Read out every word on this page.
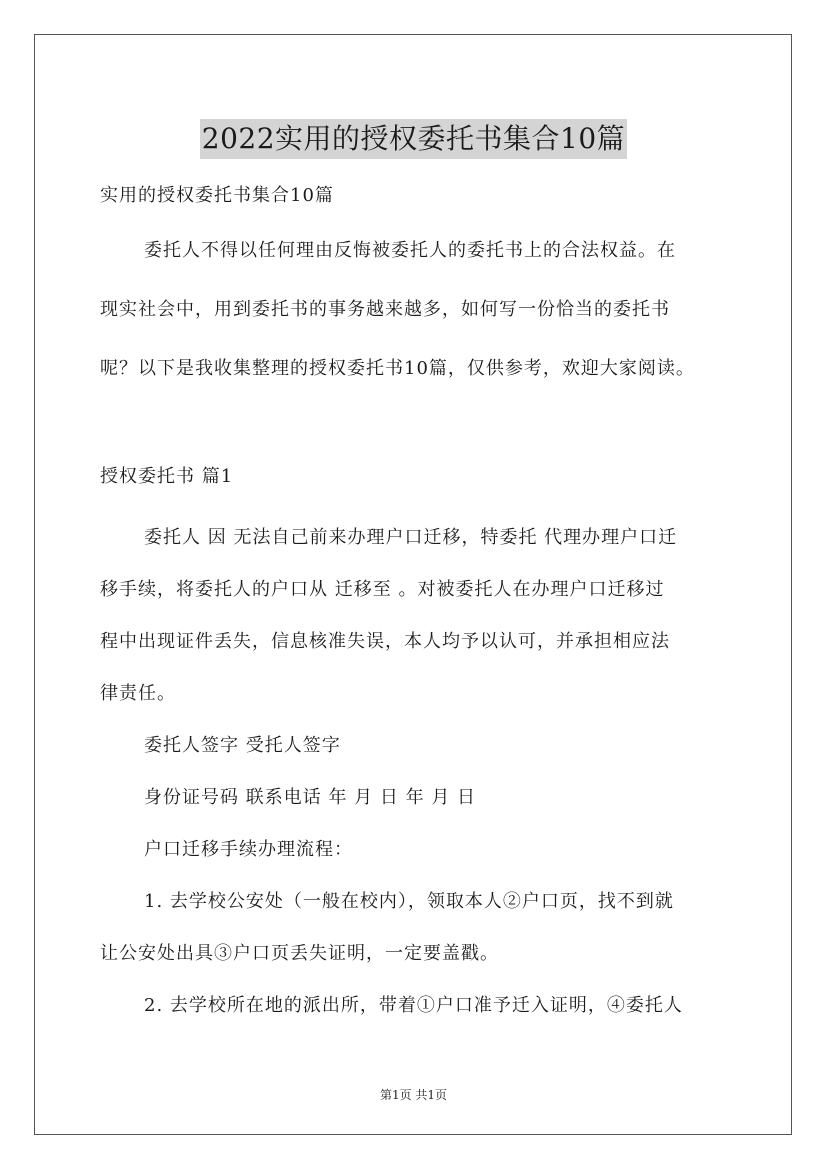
2022实用的授权委托书集合10篇
实用的授权委托书集合10篇
委托人不得以任何理由反悔被委托人的委托书上的合法权益。在
现实社会中，用到委托书的事务越来越多，如何写一份恰当的委托书
呢？以下是我收集整理的授权委托书10篇，仅供参考，欢迎大家阅读。
授权委托书 篇1
委托人 因 无法自己前来办理户口迁移，特委托 代理办理户口迁
移手续，将委托人的户口从 迁移至 。对被委托人在办理户口迁移过
程中出现证件丢失，信息核准失误，本人均予以认可，并承担相应法
律责任。
委托人签字 受托人签字
身份证号码 联系电话 年 月 日 年 月 日
户口迁移手续办理流程：
1. 去学校公安处（一般在校内），领取本人②户口页，找不到就
让公安处出具③户口页丢失证明，一定要盖戳。
2. 去学校所在地的派出所，带着①户口准予迁入证明，④委托人
第1页 共1页
